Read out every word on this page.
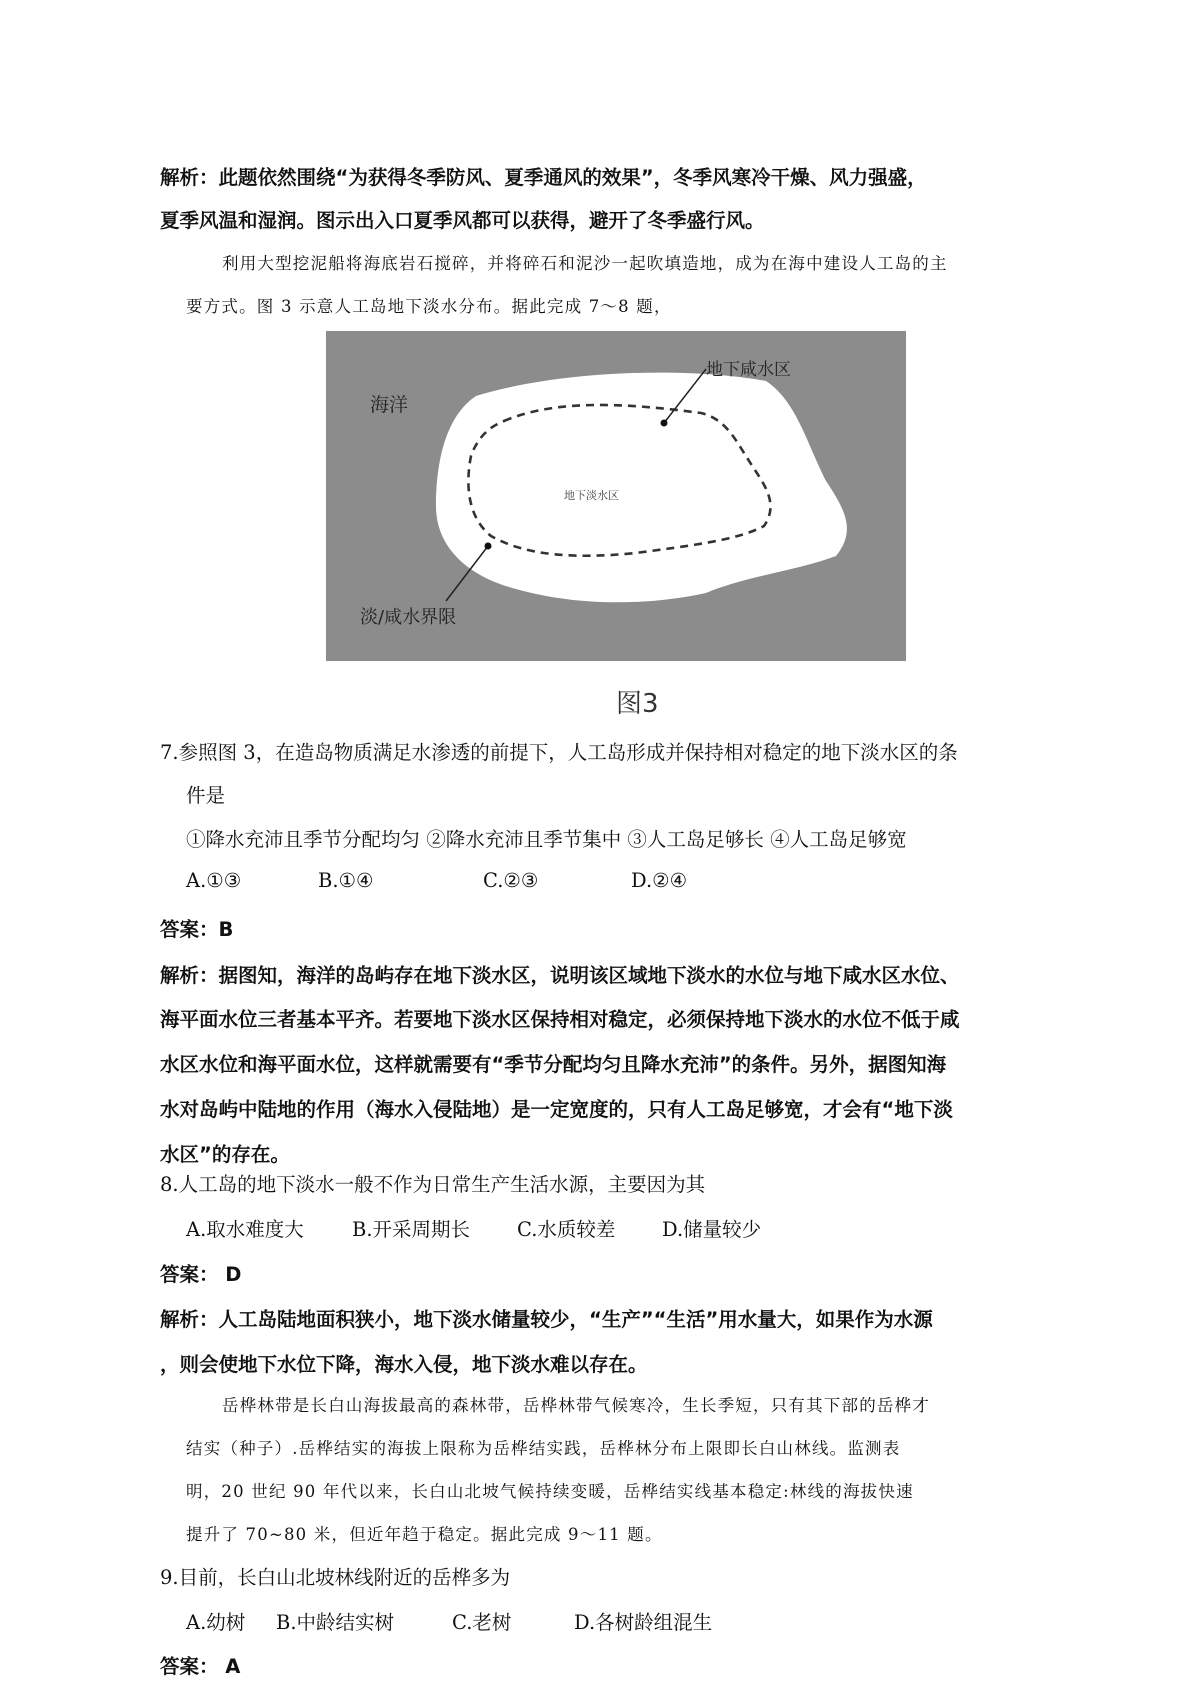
解析：此题依然围绕“为获得冬季防风、夏季通风的效果”，冬季风寒冷干燥、风力强盛，
夏季风温和湿润。图示出入口夏季风都可以获得，避开了冬季盛行风。
利用大型挖泥船将海底岩石搅碎，并将碎石和泥沙一起吹填造地，成为在海中建设人工岛的主
要方式。图 3 示意人工岛地下淡水分布。据此完成 7～8 题，
海洋
地下咸水区
地下淡水区
淡/咸水界限
图3
7.参照图 3，在造岛物质满足水渗透的前提下，人工岛形成并保持相对稳定的地下淡水区的条
件是
①降水充沛且季节分配均匀 ②降水充沛且季节集中 ③人工岛足够长 ④人工岛足够宽
A.①③	B.①④	C.②③	D.②④
答案：B
解析：据图知，海洋的岛屿存在地下淡水区，说明该区域地下淡水的水位与地下咸水区水位、
海平面水位三者基本平齐。若要地下淡水区保持相对稳定，必须保持地下淡水的水位不低于咸
水区水位和海平面水位，这样就需要有“季节分配均匀且降水充沛”的条件。另外，据图知海
水对岛屿中陆地的作用（海水入侵陆地）是一定宽度的，只有人工岛足够宽，才会有“地下淡
水区”的存在。
8.人工岛的地下淡水一般不作为日常生产生活水源，主要因为其
A.取水难度大 B.开采周期长 C.水质较差 D.储量较少
答案： D
解析：人工岛陆地面积狭小，地下淡水储量较少，“生产”“生活”用水量大，如果作为水源
，则会使地下水位下降，海水入侵，地下淡水难以存在。
岳桦林带是长白山海拔最高的森林带，岳桦林带气候寒冷，生长季短，只有其下部的岳桦才
结实（种子）.岳桦结实的海拔上限称为岳桦结实践，岳桦林分布上限即长白山林线。监测表
明，20 世纪 90 年代以来，长白山北坡气候持续变暖，岳桦结实线基本稳定:林线的海拔快速
提升了 70~80 米，但近年趋于稳定。据此完成 9～11 题。
9.目前，长白山北坡林线附近的岳桦多为
A.幼树 B.中龄结实树	C.老树	D.各树龄组混生
答案： A
